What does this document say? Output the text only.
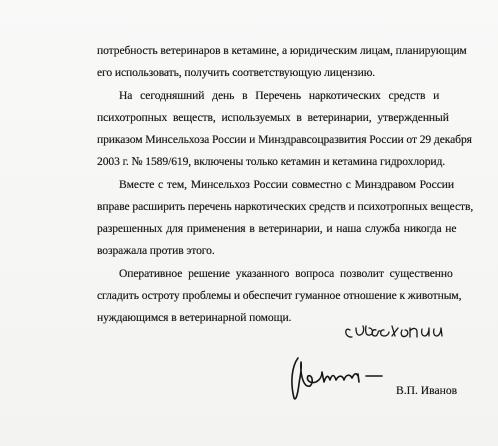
потребность ветеринаров в кетамине, а юридическим лицам, планирующим
его использовать, получить соответствующую лицензию.
На сегодняшний день в Перечень наркотических средств и
психотропных веществ, используемых в ветеринарии, утвержденный
приказом Минсельхоза России и Минздравсоцразвития России от 29 декабря
2003 г. № 1589/619, включены только кетамин и кетамина гидрохлорид.
Вместе с тем, Минсельхоз России совместно с Минздравом России
вправе расширить перечень наркотических средств и психотропных веществ,
разрешенных для применения в ветеринарии, и наша служба никогда не
возражала против этого.
Оперативное решение указанного вопроса позволит существенно
сгладить остроту проблемы и обеспечит гуманное отношение к животным,
нуждающимся в ветеринарной помощи.
В.П. Иванов
